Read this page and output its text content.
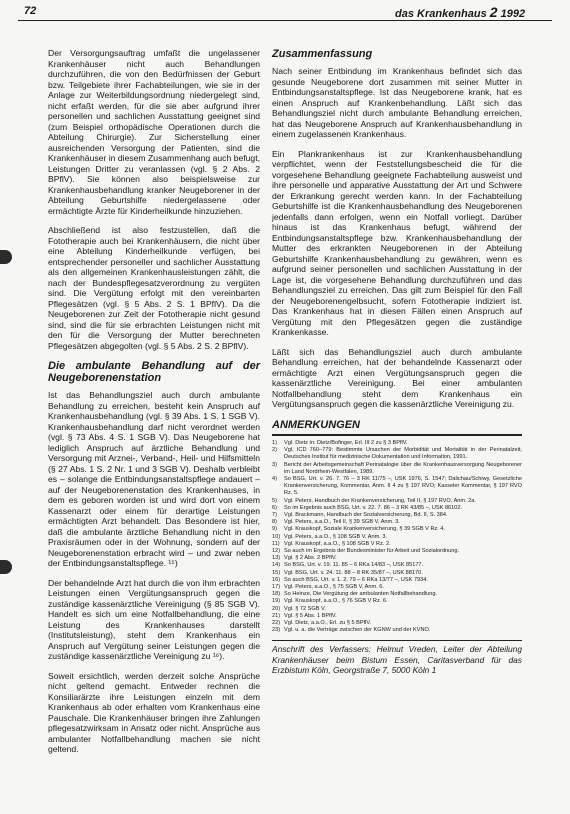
72	das Krankenhaus 2 1992

Der Versorgungsauftrag umfaßt die ungelassener Krankenhäuser nicht auch Behandlungen durchzuführen, die von den Bedürfnissen der Geburt bzw. Teilgebiete ihrer Fachabteilungen, wie sie in der Anlage zur Weiterbildungsordnung niedergelegt sind, nicht erfaßt werden, für die sie aber aufgrund ihrer personellen und sachlichen Ausstattung geeignet sind (zum Beispiel orthopädische Operationen durch die Abteilung Chirurgie). Zur Sicherstellung einer ausreichenden Versorgung der Patienten, sind die Krankenhäuser in diesem Zusammenhang auch befugt, Leistungen Dritter zu veranlassen (vgl. § 2 Abs. 2 BPflV). Sie können also beispielsweise zur Krankenhausbehandlung kranker Neugeborener in der Abteilung Geburtshilfe niedergelassene oder ermächtigte Ärzte für Kinderheilkunde hinzuziehen.

Abschließend ist also festzustellen, daß die Fototherapie auch bei Krankenhäusern, die nicht über eine Abteilung Kinderheilkunde verfügen, bei entsprechender personeller und sachlicher Ausstattung als den allgemeinen Krankenhausleistungen zählt, die nach der Bundespflegesatzverordnung zu vergüten sind. Die Vergütung erfolgt mit den vereinbarten Pflegesätzen (vgl. § 5 Abs. 2 S. 1 BPflV). Da die Neugeborenen zur Zeit der Fototherapie nicht gesund sind, sind die für sie erbrachten Leistungen nicht mit den für die Versorgung der Mutter berechneten Pflegesätzen abgegolten (vgl. § 5 Abs. 2 S. 2 BPflV).

Die ambulante Behandlung auf der Neugeborenenstation

Ist das Behandlungsziel auch durch ambulante Behandlung zu erreichen, besteht kein Anspruch auf Krankenhausbehandlung (vgl. § 39 Abs. 1 S. 1 SGB V). Krankenhausbehandlung darf nicht verordnet werden (vgl. § 73 Abs. 4 S. 1 SGB V). Das Neugeborene hat lediglich Anspruch auf ärztliche Behandlung und Versorgung mit Arznei-, Verband-, Heil- und Hilfsmitteln (§ 27 Abs. 1 S. 2 Nr. 1 und 3 SGB V). Deshalb verbleibt es – solange die Entbindungsanstaltspflege andauert – auf der Neugeborenenstation des Krankenhauses, in dem es geboren worden ist und wird dort von einem Kassenarzt oder einem für derartige Leistungen ermächtigten Arzt behandelt. Das Besondere ist hier, daß die ambulante ärztliche Behandlung nicht in den Praxisräumen oder in der Wohnung, sondern auf der Neugeborenenstation erbracht wird – und zwar neben der Entbindungsanstaltspflege. ¹⁵)

Der behandelnde Arzt hat durch die von ihm erbrachten Leistungen einen Vergütungsanspruch gegen die zuständige kassenärztliche Vereinigung (§ 85 SGB V). Handelt es sich um eine Notfallbehandlung, die eine Leistung des Krankenhauses darstellt (Institutsleistung), steht dem Krankenhaus ein Anspruch auf Vergütung seiner Leistungen gegen die zuständige kassenärztliche Vereinigung zu ¹⁶).

Soweit ersichtlich, werden derzeit solche Ansprüche nicht geltend gemacht. Entweder rechnen die Konsiliarärzte ihre Leistungen einzeln mit dem Krankenhaus ab oder erhalten vom Krankenhaus eine Pauschale. Die Krankenhäuser bringen ihre Zahlungen pflegesatzwirksam in Ansatz oder nicht. Ansprüche aus ambulanter Notfallbehandlung machen sie nicht geltend.

Zusammenfassung

Nach seiner Entbindung im Krankenhaus befindet sich das gesunde Neugeborene dort zusammen mit seiner Mutter in Entbindungsanstaltspflege. Ist das Neugeborene krank, hat es einen Anspruch auf Krankenbehandlung. Läßt sich das Behandlungsziel nicht durch ambulante Behandlung erreichen, hat das Neugeborene Anspruch auf Krankenhausbehandlung in einem zugelassenen Krankenhaus.

Ein Plankrankenhaus ist zur Krankenhausbehandlung verpflichtet, wenn der Feststellungsbescheid die für die vorgesehene Behandlung geeignete Fachabteilung ausweist und ihre personelle und apparative Ausstattung der Art und Schwere der Erkrankung gerecht werden kann. In der Fachabteilung Geburtshilfe ist die Krankenhausbehandlung des Neugeborenen jedenfalls dann erfolgen, wenn ein Notfall vorliegt. Darüber hinaus ist das Krankenhaus befugt, während der Entbindungsanstaltspflege bzw. Krankenhausbehandlung der Mutter des erkrankten Neugeborenen in der Abteilung Geburtshilfe Krankenhausbehandlung zu gewähren, wenn es aufgrund seiner personellen und sachlichen Ausstattung in der Lage ist, die vorgesehene Behandlung durchzuführen und das Behandlungsziel zu erreichen. Das gilt zum Beispiel für den Fall der Neugeborenengelbsucht, sofern Fototherapie indiziert ist. Das Krankenhaus hat in diesen Fällen einen Anspruch auf Vergütung mit den Pflegesätzen gegen die zuständige Krankenkasse.

Läßt sich das Behandlungsziel auch durch ambulante Behandlung erreichen, hat der behandelnde Kassenarzt oder ermächtigte Arzt einen Vergütungsanspruch gegen die kassenärztliche Vereinigung. Bei einer ambulanten Notfallbehandlung steht dem Krankenhaus ein Vergütungsanspruch gegen die kassenärztliche Vereinigung zu.

ANMERKUNGEN
1)	Vgl. Dietz in: Dietz/Bofinger, Erl. III 2 zu § 3 BPflV.
2)	Vgl. ICD 760–779: Bestimmte Ursachen der Morbidität und Mortalität in der Perinatalzeit, Deutsches Institut für medizinische Dokumentation und Information, 1991.
3)	Bericht der Arbeitsgemeinschaft Perinatalogie über die Krankenhausversorgung Neugeborener im Land Nordrhein-Westfalen, 1989.
4)	So BSG, Urt. v. 26. 7. 76 – 3 RK 11/75 –, USK 1976, S. 1547; Dalichau/Schiwy, Gesetzliche Krankenversicherung, Kommentar, Anm. II 4 zu § 197 RVO; Kasseler Kommentar, § 197 RVO Rz. 5.
5)	Vgl. Peters, Handbuch der Krankenversicherung, Teil II, § 197 RVO, Anm. 2a.
6)	So im Ergebnis auch BSG, Urt. v. 22. 7. 86 – 3 RK 43/85 –, USK 86102.
7)	Vgl. Brackmann, Handbuch der Sozialversicherung, Bd. II, S. 384.
8)	Vgl. Peters, a.a.O., Teil II, § 39 SGB V, Anm. 3.
9)	Vgl. Krauskopf, Soziale Krankenversicherung, § 39 SGB V Rz. 4.
10) Vgl. Peters, a.a.O., § 108 SGB V, Anm. 3.
11) Vgl. Krauskopf, a.a.O., § 108 SGB V Rz. 2.
12) So auch im Ergebnis der Bundesminister für Arbeit und Sozialordnung.
13) Vgl. § 2 Abs. 2 BPflV.
14) So BSG, Urt. v. 19. 11. 85 – 6 RKa 14/83 –, USK 85177.
15) Vgl. BSG, Urt. v. 24. 11. 88 – 8 RK 35/87 –, USK 88170.
16) So auch BSG, Urt. v. 1. 2. 79 – 6 RKa 13/77 –, USK 7934.
17) Vgl. Peters, a.a.O., § 75 SGB V, Anm. 6.
18) So Heinze, Die Vergütung der ambulanten Notfallbehandlung.
19) Vgl. Krauskopf, a.a.O., § 76 SGB V Rz. 6.
20) Vgl. § 72 SGB V.
21) Vgl. § 5 Abs. 1 BPflV.
22) Vgl. Dietz, a.a.O., Erl. zu § 5 BPflV.
23) Vgl. u. a. die Verträge zwischen der KGNW und der KVNO.
Anschrift des Verfassers: Helmut Vreden, Leiter der Abteilung Krankenhäuser beim Bistum Essen, Caritasverband für das Erzbistum Köln, Georgstraße 7, 5000 Köln 1
